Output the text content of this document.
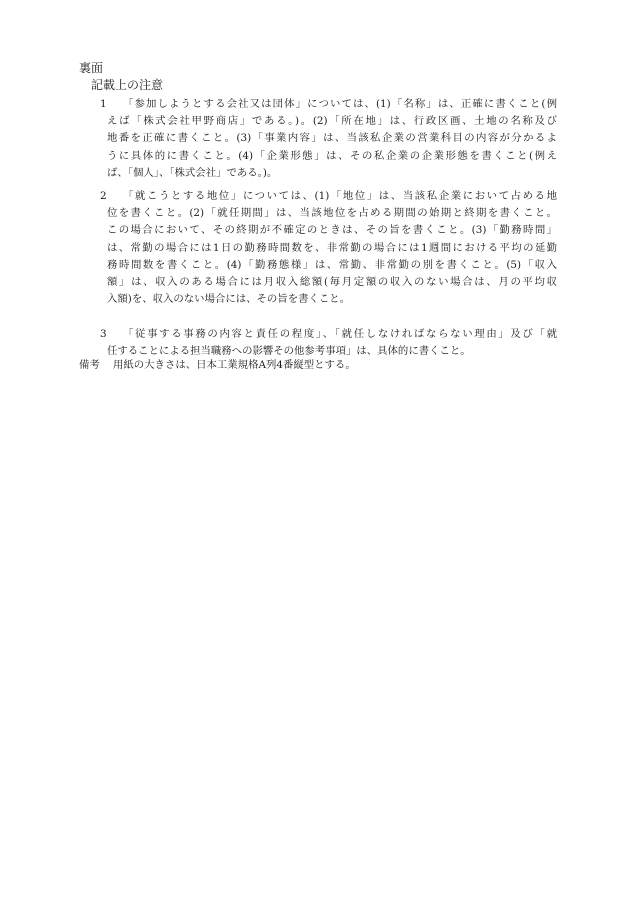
裏面
記載上の注意
1	「参加しようとする会社又は団体」については、(1)「名称」は、正確に書くこと(例
えば「株式会社甲野商店」である。)。(2)「所在地」は、行政区画、土地の名称及び
地番を正確に書くこと。(3)「事業内容」は、当該私企業の営業科目の内容が分かるよ
うに具体的に書くこと。(4)「企業形態」は、その私企業の企業形態を書くこと(例え
ば、「個人」、「株式会社」である。)。
2	「就こうとする地位」については、(1)「地位」は、当該私企業において占める地
位を書くこと。(2)「就任期間」は、当該地位を占める期間の始期と終期を書くこと。
この場合において、その終期が不確定のときは、その旨を書くこと。(3)「勤務時間」
は、常勤の場合には1日の勤務時間数を、非常勤の場合には1週間における平均の延勤
務時間数を書くこと。(4)「勤務態様」は、常勤、非常勤の別を書くこと。(5)「収入
額」は、収入のある場合には月収入総額(毎月定額の収入のない場合は、月の平均収
入額)を、収入のない場合には、その旨を書くこと。
3	「従事する事務の内容と責任の程度」、「就任しなければならない理由」及び「就
任することによる担当職務への影響その他参考事項」は、具体的に書くこと。
備考 用紙の大きさは、日本工業規格A列4番縦型とする。
